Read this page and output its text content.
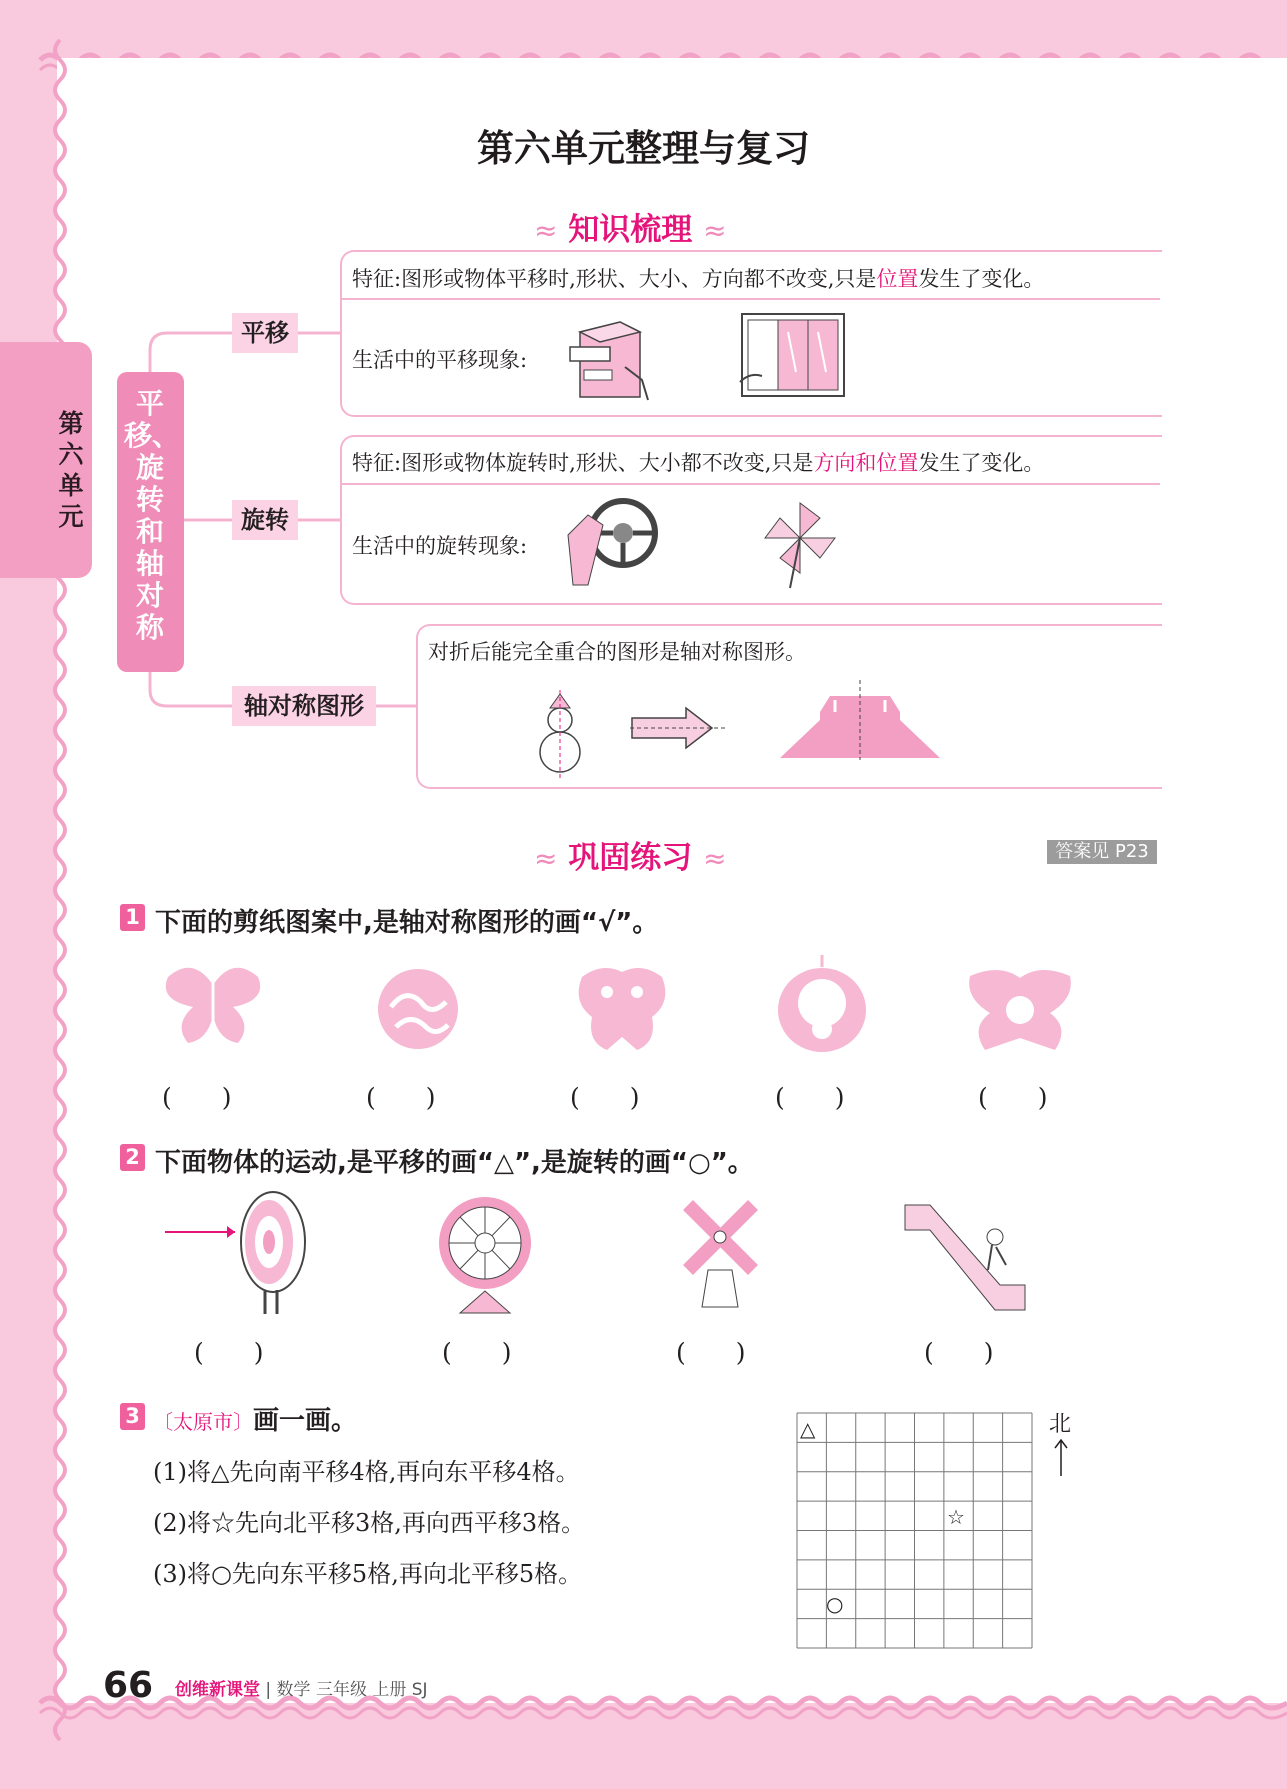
第六单元
第六单元整理与复习
≈ 知识梳理 ≈
平移、旋转和轴对称
平移
旋转
轴对称图形
特征:图形或物体平移时,形状、大小、方向都不改变,只是位置发生了变化。
生活中的平移现象:
特征:图形或物体旋转时,形状、大小都不改变,只是方向和位置发生了变化。
生活中的旋转现象:
对折后能完全重合的图形是轴对称图形。
≈ 巩固练习 ≈	答案见 P23
1 下面的剪纸图案中,是轴对称图形的画“√”。
(　　)	(　　)	(　　)	(　　)	(　　)
2 下面物体的运动,是平移的画“△”,是旋转的画“○”。
(　　)	(　　)	(　　)	(　　)
3 〔太原市〕画一画。
(1)将△先向南平移4格,再向东平移4格。
(2)将☆先向北平移3格,再向西平移3格。
(3)将○先向东平移5格,再向北平移5格。
△
☆
○
北
66 创维新课堂 | 数学 三年级 上册 SJ
